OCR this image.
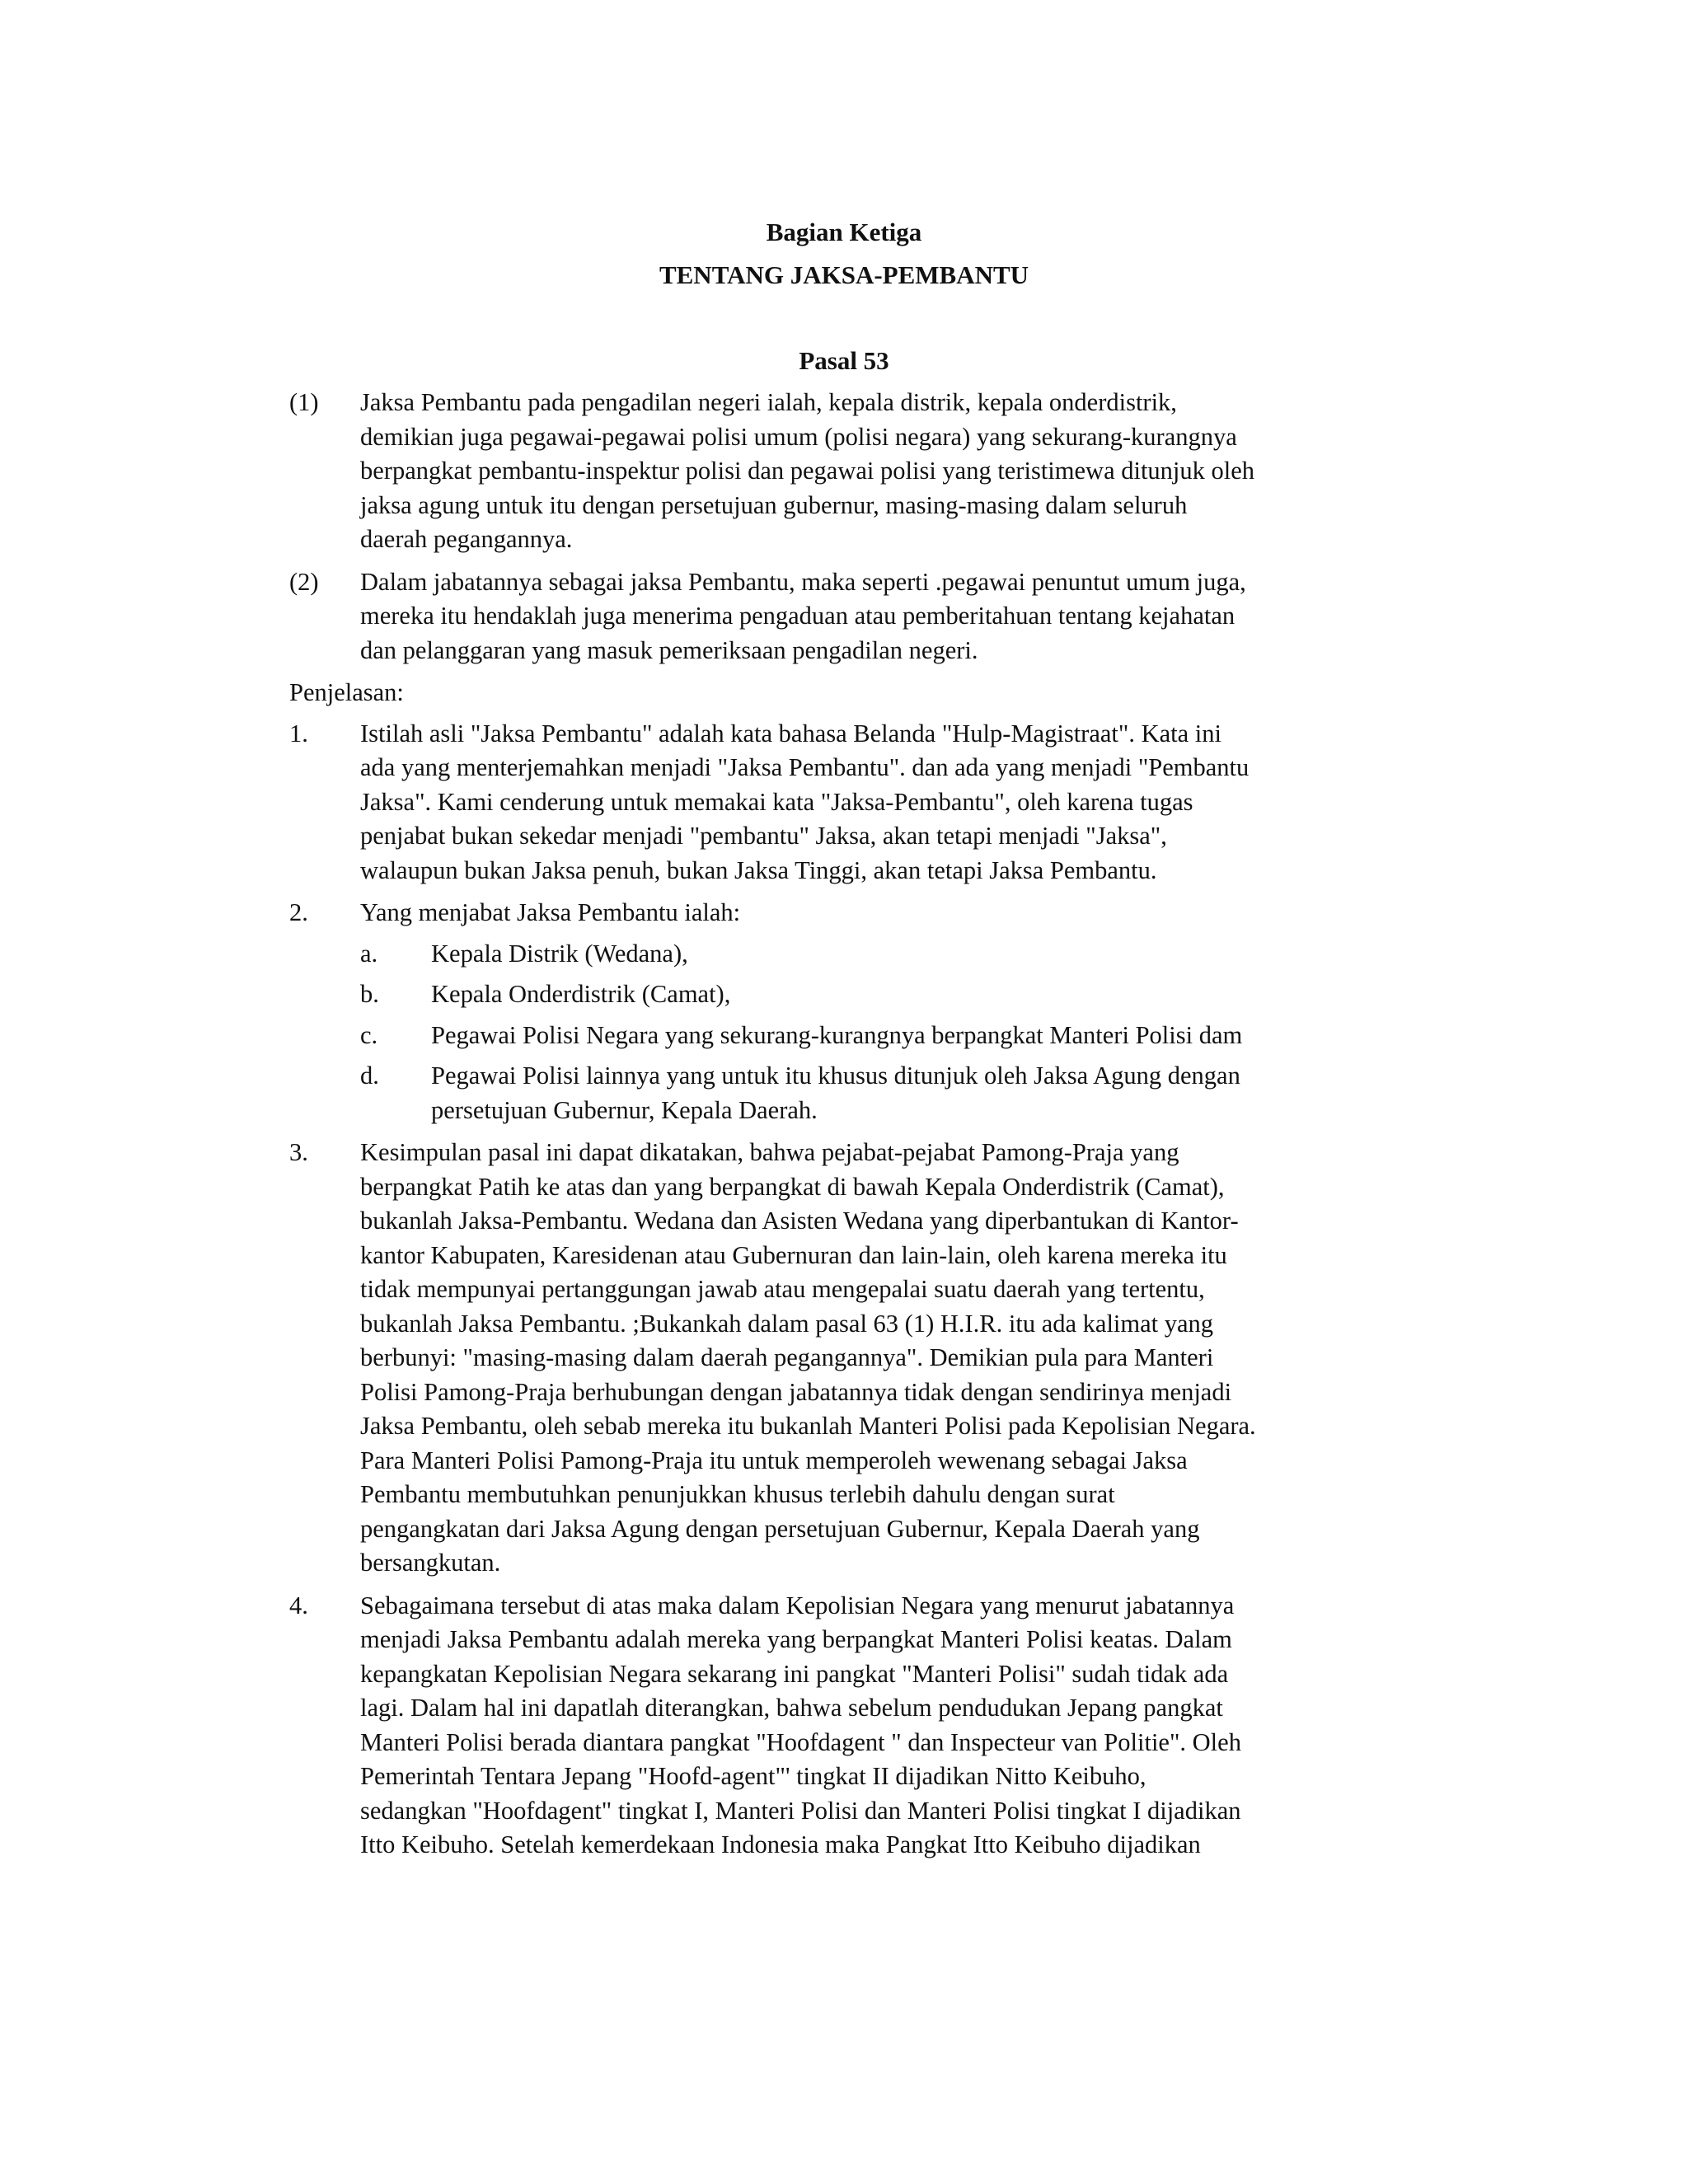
Bagian Ketiga
TENTANG JAKSA-PEMBANTU
Pasal 53
(1) Jaksa Pembantu pada pengadilan negeri ialah, kepala distrik, kepala onderdistrik,
demikian juga pegawai-pegawai polisi umum (polisi negara) yang sekurang-kurangnya
berpangkat pembantu-inspektur polisi dan pegawai polisi yang teristimewa ditunjuk oleh
jaksa agung untuk itu dengan persetujuan gubernur, masing-masing dalam seluruh
daerah pegangannya.
(2) Dalam jabatannya sebagai jaksa Pembantu, maka seperti .pegawai penuntut umum juga,
mereka itu hendaklah juga menerima pengaduan atau pemberitahuan tentang kejahatan
dan pelanggaran yang masuk pemeriksaan pengadilan negeri.
Penjelasan:
1. Istilah asli "Jaksa Pembantu" adalah kata bahasa Belanda "Hulp-Magistraat". Kata ini
ada yang menterjemahkan menjadi "Jaksa Pembantu". dan ada yang menjadi "Pembantu
Jaksa". Kami cenderung untuk memakai kata "Jaksa-Pembantu", oleh karena tugas
penjabat bukan sekedar menjadi "pembantu" Jaksa, akan tetapi menjadi "Jaksa",
walaupun bukan Jaksa penuh, bukan Jaksa Tinggi, akan tetapi Jaksa Pembantu.
2. Yang menjabat Jaksa Pembantu ialah:
a. Kepala Distrik (Wedana),
b. Kepala Onderdistrik (Camat),
c. Pegawai Polisi Negara yang sekurang-kurangnya berpangkat Manteri Polisi dam
d. Pegawai Polisi lainnya yang untuk itu khusus ditunjuk oleh Jaksa Agung dengan
persetujuan Gubernur, Kepala Daerah.
3. Kesimpulan pasal ini dapat dikatakan, bahwa pejabat-pejabat Pamong-Praja yang
berpangkat Patih ke atas dan yang berpangkat di bawah Kepala Onderdistrik (Camat),
bukanlah Jaksa-Pembantu. Wedana dan Asisten Wedana yang diperbantukan di Kantor-
kantor Kabupaten, Karesidenan atau Gubernuran dan lain-lain, oleh karena mereka itu
tidak mempunyai pertanggungan jawab atau mengepalai suatu daerah yang tertentu,
bukanlah Jaksa Pembantu. ;Bukankah dalam pasal 63 (1) H.I.R. itu ada kalimat yang
berbunyi: "masing-masing dalam daerah pegangannya". Demikian pula para Manteri
Polisi Pamong-Praja berhubungan dengan jabatannya tidak dengan sendirinya menjadi
Jaksa Pembantu, oleh sebab mereka itu bukanlah Manteri Polisi pada Kepolisian Negara.
Para Manteri Polisi Pamong-Praja itu untuk memperoleh wewenang sebagai Jaksa
Pembantu membutuhkan penunjukkan khusus terlebih dahulu dengan surat
pengangkatan dari Jaksa Agung dengan persetujuan Gubernur, Kepala Daerah yang
bersangkutan.
4. Sebagaimana tersebut di atas maka dalam Kepolisian Negara yang menurut jabatannya
menjadi Jaksa Pembantu adalah mereka yang berpangkat Manteri Polisi keatas. Dalam
kepangkatan Kepolisian Negara sekarang ini pangkat "Manteri Polisi" sudah tidak ada
lagi. Dalam hal ini dapatlah diterangkan, bahwa sebelum pendudukan Jepang pangkat
Manteri Polisi berada diantara pangkat "Hoofdagent " dan Inspecteur van Politie". Oleh
Pemerintah Tentara Jepang "Hoofd-agent"' tingkat II dijadikan Nitto Keibuho,
sedangkan "Hoofdagent" tingkat I, Manteri Polisi dan Manteri Polisi tingkat I dijadikan
Itto Keibuho. Setelah kemerdekaan Indonesia maka Pangkat Itto Keibuho dijadikan
